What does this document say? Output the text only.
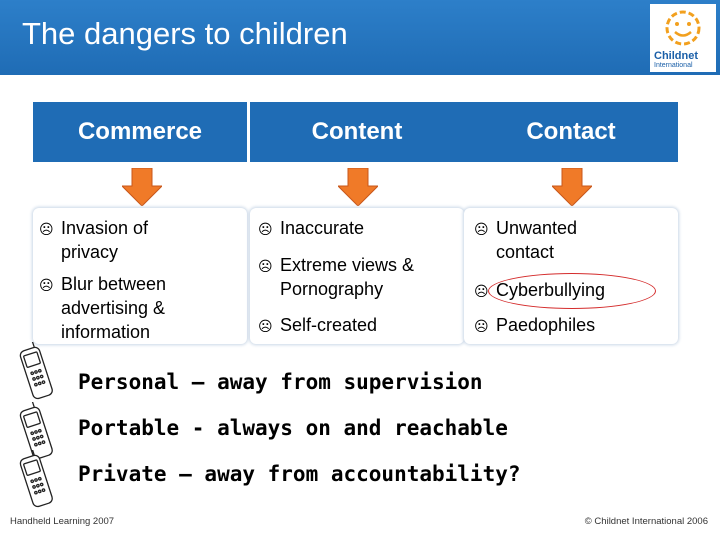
The dangers to children
Childnet
International
Commerce	Content	Contact
☹ Invasion of privacy
☹ Blur between advertising & information
☹ Inaccurate
☹ Extreme views & Pornography
☹ Self-created
☹ Unwanted contact
☹ Cyberbullying
☹ Paedophiles
Personal – away from supervision
Portable - always on and reachable
Private – away from accountability?
Handheld Learning 2007	© Childnet International 2006
